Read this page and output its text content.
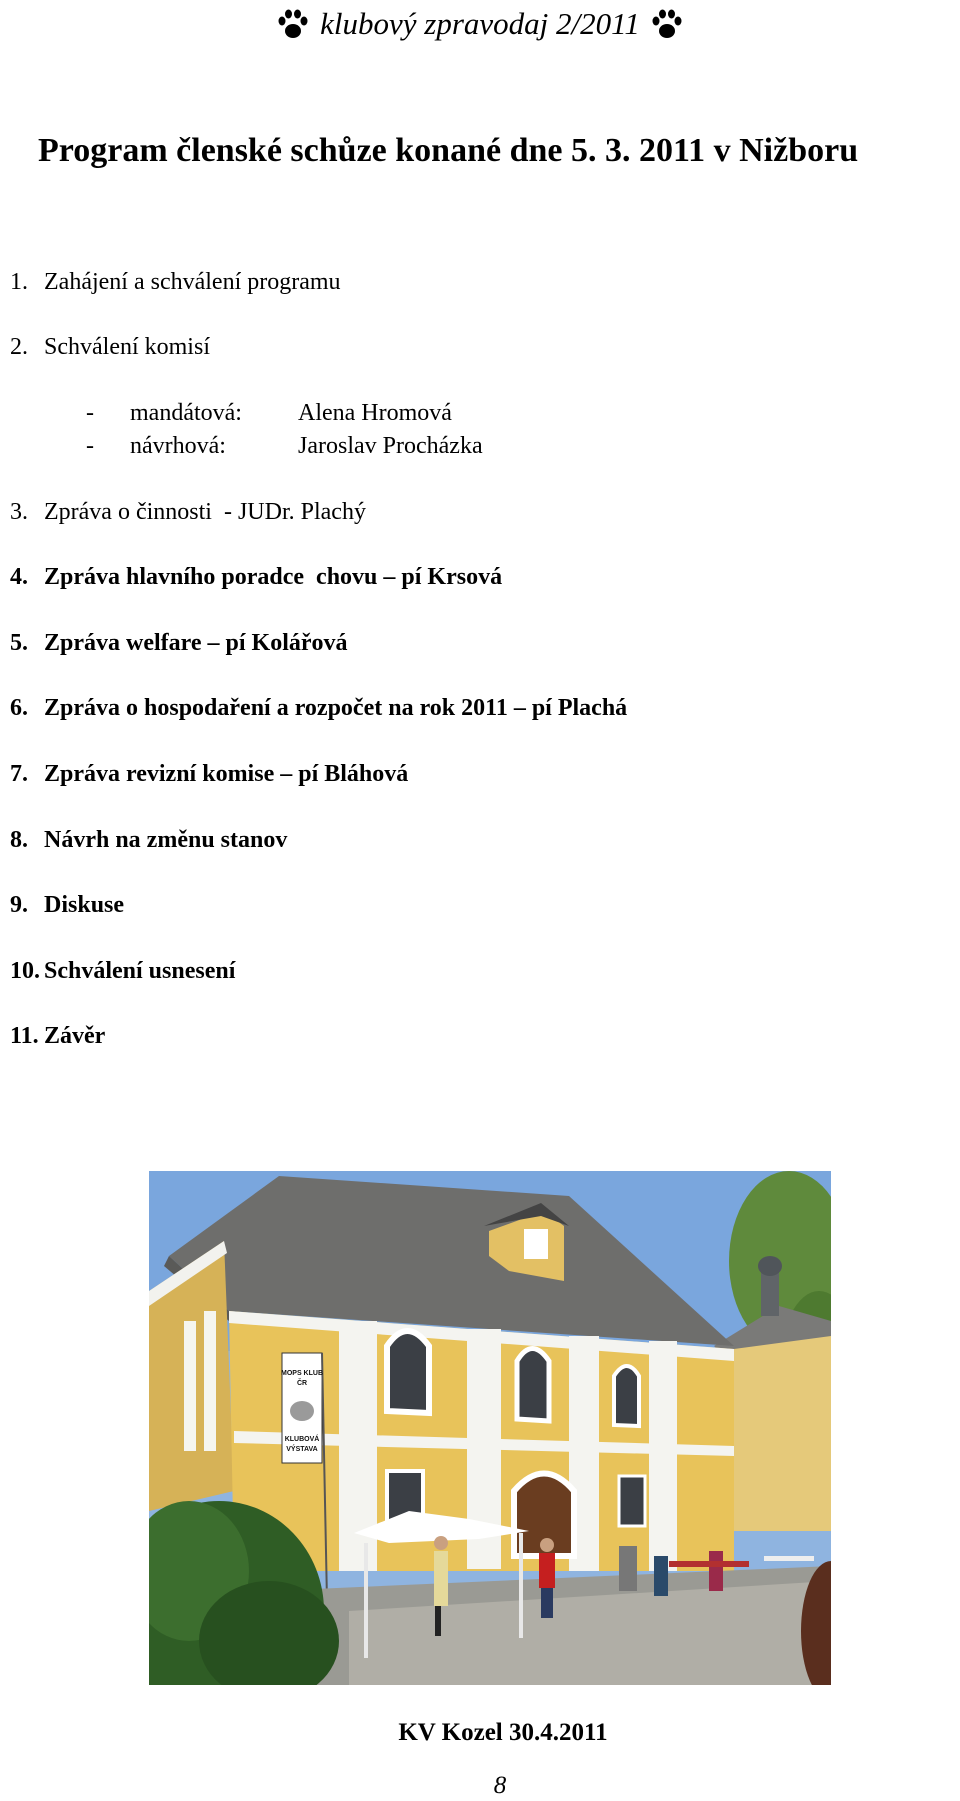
klubový zpravodaj 2/2011
Program členské schůze konané dne 5. 3. 2011 v Nižboru
1. Zahájení a schválení programu
2. Schválení komisí
- mandátová: Alena Hromová
- návrhová:	Jaroslav Procházka
3. Zpráva o činnosti  - JUDr. Plachý
4. Zpráva hlavního poradce  chovu – pí Krsová
5. Zpráva welfare – pí Kolářová
6. Zpráva o hospodaření a rozpočet na rok 2011 – pí Plachá
7. Zpráva revizní komise – pí Bláhová
8. Návrh na změnu stanov
9. Diskuse
10. Schválení usnesení
11. Závěr
MOPS KLUB
ČR
KLUBOVÁ
VÝSTAVA
KV Kozel 30.4.2011
8
